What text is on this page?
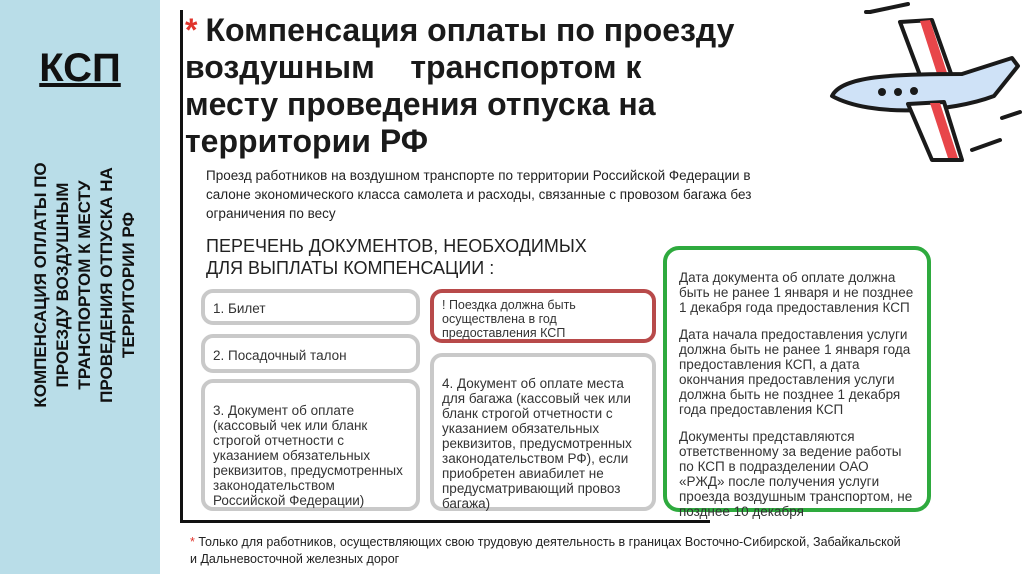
КСП
КОМПЕНСАЦИЯ ОПЛАТЫ ПО ПРОЕЗДУ ВОЗДУШНЫМ ТРАНСПОРТОМ К МЕСТУ ПРОВЕДЕНИЯ ОТПУСКА НА ТЕРРИТОРИИ РФ
* Компенсация оплаты по проезду
воздушным    транспортом к
месту проведения отпуска на
территории РФ
Проезд работников на воздушном транспорте по территории Российской Федерации в салоне экономического класса самолета и расходы, связанные с провозом багажа без ограничения по весу
ПЕРЕЧЕНЬ ДОКУМЕНТОВ, НЕОБХОДИМЫХ
ДЛЯ ВЫПЛАТЫ КОМПЕНСАЦИИ :
1. Билет
2. Посадочный талон
3. Документ об оплате (кассовый чек или бланк строгой отчетности с указанием обязательных реквизитов, предусмотренных законодательством Российской Федерации)
! Поездка должна быть осуществлена в год предоставления КСП
4. Документ об оплате места для багажа (кассовый чек или бланк строгой отчетности с указанием обязательных реквизитов, предусмотренных законодательством РФ), если приобретен авиабилет не предусматривающий провоз багажа)

Дата документа об оплате должна быть не ранее 1 января и не позднее 1 декабря года предоставления КСП

Дата начала предоставления услуги должна быть не ранее 1 января года предоставления КСП, а дата окончания предоставления услуги должна быть не позднее 1 декабря года предоставления КСП

Документы представляются ответственному за ведение работы по КСП в подразделении ОАО «РЖД» после получения услуги проезда воздушным транспортом, не позднее 10 декабря

* Только для работников, осуществляющих свою трудовую деятельность в границах Восточно-Сибирской, Забайкальской и Дальневосточной железных дорог
